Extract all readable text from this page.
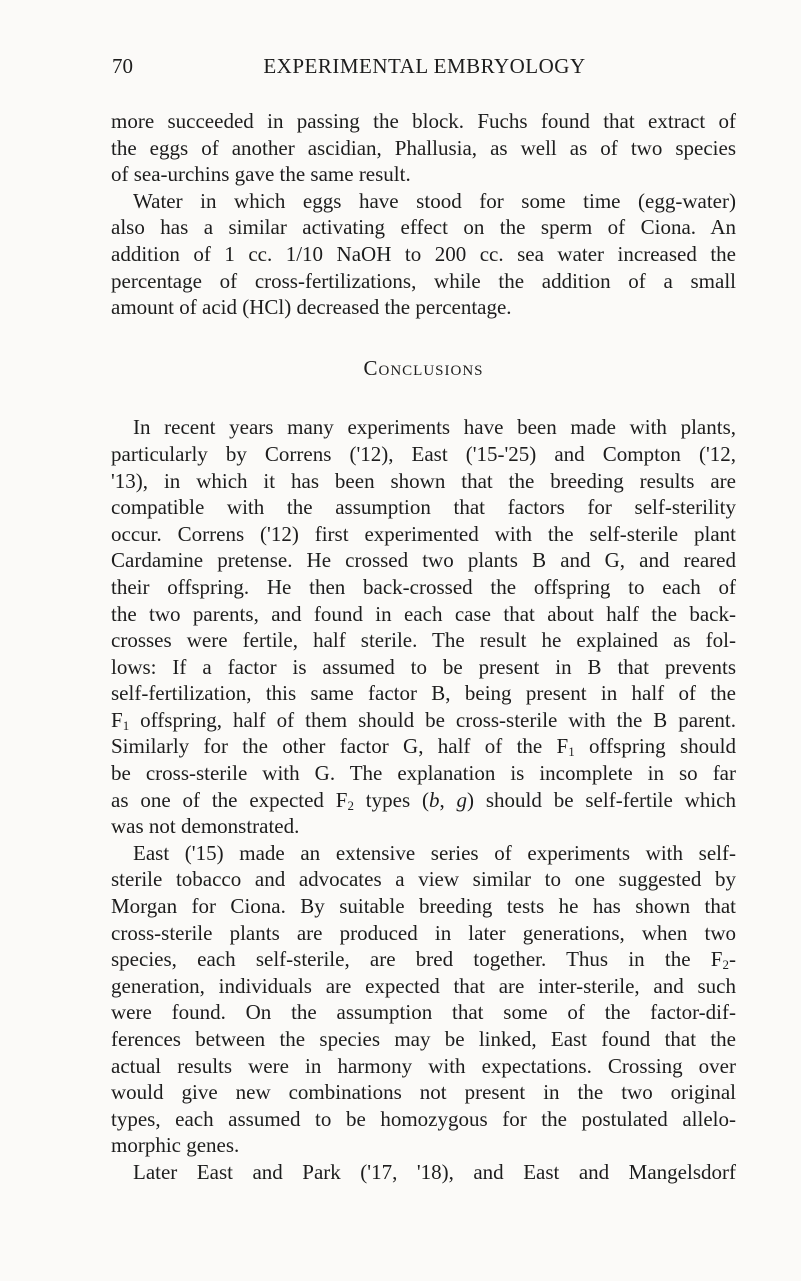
70	EXPERIMENTAL EMBRYOLOGY
more succeeded in passing the block. Fuchs found that extract of
the eggs of another ascidian, Phallusia, as well as of two species
of sea-urchins gave the same result.
Water in which eggs have stood for some time (egg-water)
also has a similar activating effect on the sperm of Ciona. An
addition of 1 cc. 1/10 NaOH to 200 cc. sea water increased the
percentage of cross-fertilizations, while the addition of a small
amount of acid (HCl) decreased the percentage.
Conclusions
In recent years many experiments have been made with plants,
particularly by Correns ('12), East ('15-'25) and Compton ('12,
'13), in which it has been shown that the breeding results are
compatible with the assumption that factors for self-sterility
occur. Correns ('12) first experimented with the self-sterile plant
Cardamine pretense. He crossed two plants B and G, and reared
their offspring. He then back-crossed the offspring to each of
the two parents, and found in each case that about half the back-
crosses were fertile, half sterile. The result he explained as fol-
lows: If a factor is assumed to be present in B that prevents
self-fertilization, this same factor B, being present in half of the
$F_1$ offspring, half of them should be cross-sterile with the B parent.
Similarly for the other factor G, half of the $F_1$ offspring should
be cross-sterile with G. The explanation is incomplete in so far
as one of the expected $F_2$ types (b, g) should be self-fertile which
was not demonstrated.
East ('15) made an extensive series of experiments with self-
sterile tobacco and advocates a view similar to one suggested by
Morgan for Ciona. By suitable breeding tests he has shown that
cross-sterile plants are produced in later generations, when two
species, each self-sterile, are bred together. Thus in the $F_2-$
generation, individuals are expected that are inter-sterile, and such
were found. On the assumption that some of the factor-dif-
ferences between the species may be linked, East found that the
actual results were in harmony with expectations. Crossing over
would give new combinations not present in the two original
types, each assumed to be homozygous for the postulated allelo-
morphic genes.
Later East and Park ('17, '18), and East and Mangelsdorf
